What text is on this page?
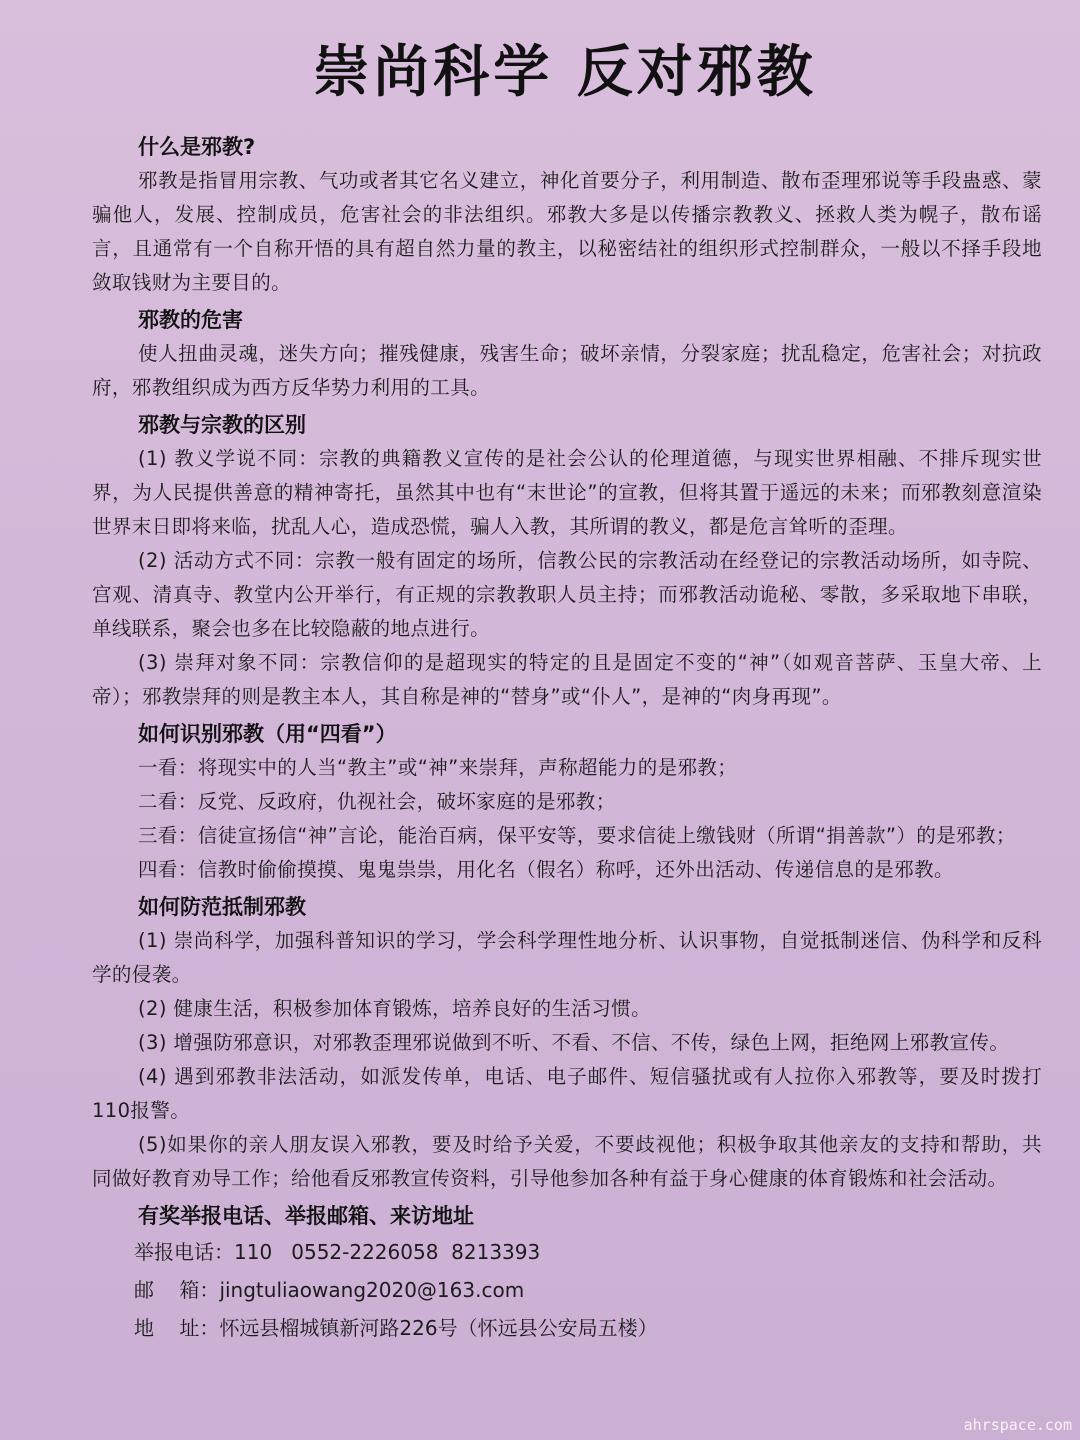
崇尚科学 反对邪教

什么是邪教?

邪教是指冒用宗教、气功或者其它名义建立，神化首要分子，利用制造、散布歪理邪说等手段蛊惑、蒙骗他人，发展、控制成员，危害社会的非法组织。邪教大多是以传播宗教教义、拯救人类为幌子，散布谣言，且通常有一个自称开悟的具有超自然力量的教主，以秘密结社的组织形式控制群众，一般以不择手段地敛取钱财为主要目的。

邪教的危害

使人扭曲灵魂，迷失方向；摧残健康，残害生命；破坏亲情，分裂家庭；扰乱稳定，危害社会；对抗政府，邪教组织成为西方反华势力利用的工具。

邪教与宗教的区别

(1) 教义学说不同：宗教的典籍教义宣传的是社会公认的伦理道德，与现实世界相融、不排斥现实世界，为人民提供善意的精神寄托，虽然其中也有“末世论”的宣教，但将其置于遥远的未来；而邪教刻意渲染世界末日即将来临，扰乱人心，造成恐慌，骗人入教，其所谓的教义，都是危言耸听的歪理。

(2) 活动方式不同：宗教一般有固定的场所，信教公民的宗教活动在经登记的宗教活动场所，如寺院、宫观、清真寺、教堂内公开举行，有正规的宗教教职人员主持；而邪教活动诡秘、零散，多采取地下串联，单线联系，聚会也多在比较隐蔽的地点进行。

(3) 崇拜对象不同：宗教信仰的是超现实的特定的且是固定不变的“神”（如观音菩萨、玉皇大帝、上帝）；邪教崇拜的则是教主本人，其自称是神的“替身”或“仆人”，是神的“肉身再现”。

如何识别邪教（用“四看”）

一看：将现实中的人当“教主”或“神”来崇拜，声称超能力的是邪教；

二看：反党、反政府，仇视社会，破坏家庭的是邪教；

三看：信徒宣扬信“神”言论，能治百病，保平安等，要求信徒上缴钱财（所谓“捐善款”）的是邪教；

四看：信教时偷偷摸摸、鬼鬼祟祟，用化名（假名）称呼，还外出活动、传递信息的是邪教。

如何防范抵制邪教

(1) 崇尚科学，加强科普知识的学习，学会科学理性地分析、认识事物，自觉抵制迷信、伪科学和反科学的侵袭。

(2) 健康生活，积极参加体育锻炼，培养良好的生活习惯。

(3) 增强防邪意识，对邪教歪理邪说做到不听、不看、不信、不传，绿色上网，拒绝网上邪教宣传。

(4) 遇到邪教非法活动，如派发传单，电话、电子邮件、短信骚扰或有人拉你入邪教等，要及时拨打110报警。

(5)如果你的亲人朋友误入邪教，要及时给予关爱，不要歧视他；积极争取其他亲友的支持和帮助，共同做好教育劝导工作；给他看反邪教宣传资料，引导他参加各种有益于身心健康的体育锻炼和社会活动。

有奖举报电话、举报邮箱、来访地址

举报电话：110   0552-2226058  8213393

邮    箱：jingtuliaowang2020@163.com

地    址：怀远县榴城镇新河路226号（怀远县公安局五楼）

ahrspace.com
